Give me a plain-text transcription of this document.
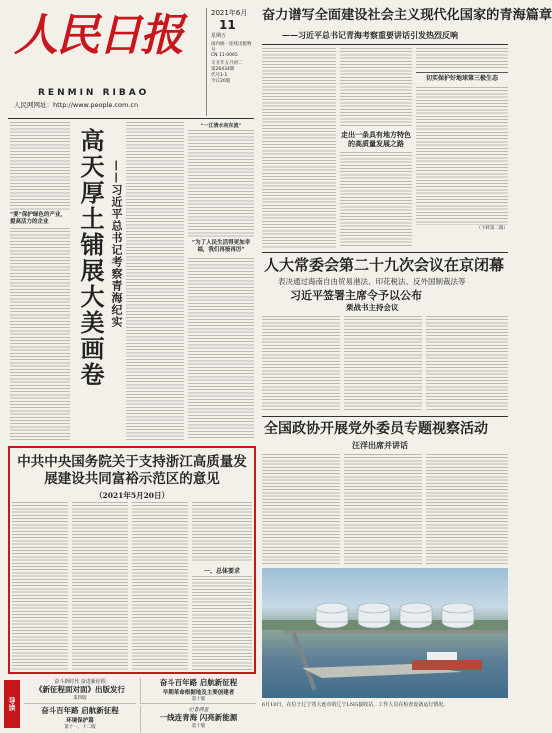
人民日报
RENMIN RIBAO
人民网网址：http://www.people.com.cn
2021年6月
11
星期五
国内统一连续出版物号
CN 11-0065
辛丑年五月初二
第26434期
代号1-1
今日20版
奋力谱写全面建设社会主义现代化国家的青海篇章
——习近平总书记青海考察重要讲话引发热烈反响
走出一条具有地方特色的高质量发展之路
切实保护好地球第三极生态
（下转第二版）
“要”保护绿色的产业，提高活力的企业	高天厚土铺展大美画卷 ——习近平总书记考察青海纪实
“一江清水向东流”
“为了人民生活得更加幸福，我们再接再厉”
人大常委会第二十九次会议在京闭幕
表决通过海南自由贸易港法、印花税法、反外国制裁法等
习近平签署主席令予以公布
栗战书主持会议
全国政协开展党外委员专题视察活动
汪洋出席并讲话
6月10日，在位于辽宁省大连市的辽宁LNG接收站，工作人员在检查设备运行情况。
中共中央国务院关于支持浙江高质量发展建设共同富裕示范区的意见
（2021年5月20日）
一、总体要求
导读
奋斗新时代 奋进新征程
《新征程面对面》出版发行
第四版
奋斗百年路 启航新征程
早期革命根据地及主要创建者
第十版
奋斗百年路 启航新征程
环境保护篇
第十一、十二版
记者调查
一线连青海 闪亮新能源
第十版
